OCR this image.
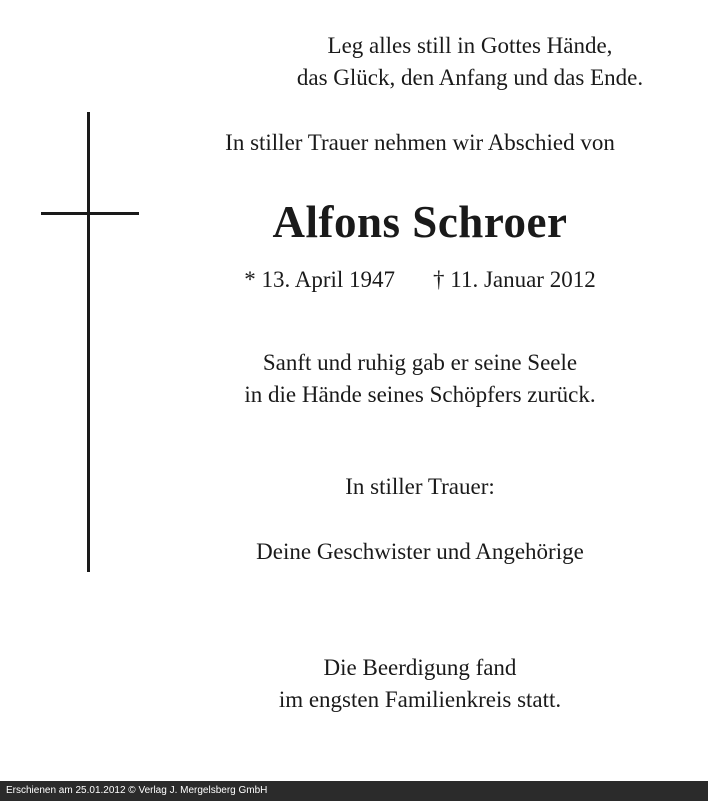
Leg alles still in Gottes Hände,
das Glück, den Anfang und das Ende.
In stiller Trauer nehmen wir Abschied von
Alfons Schroer
* 13. April 1947 † 11. Januar 2012
Sanft und ruhig gab er seine Seele
in die Hände seines Schöpfers zurück.
In stiller Trauer:
Deine Geschwister und Angehörige
Die Beerdigung fand
im engsten Familienkreis statt.
Erschienen am 25.01.2012 © Verlag J. Mergelsberg GmbH
